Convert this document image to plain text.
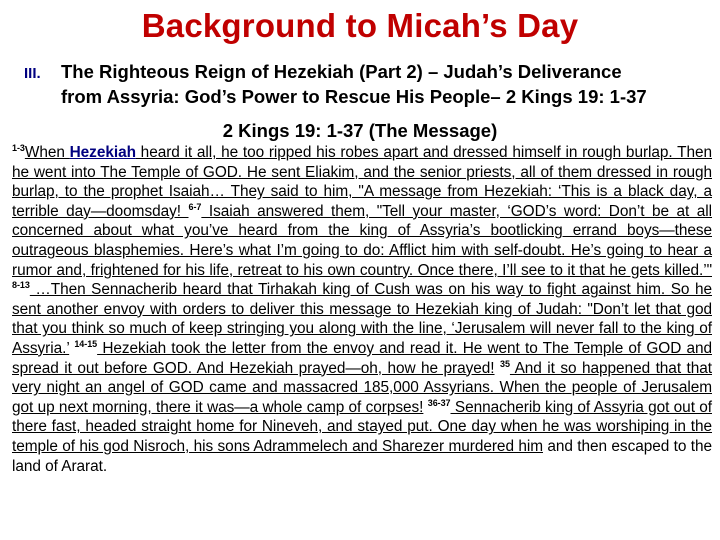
Background to Micah’s Day
III. The Righteous Reign of Hezekiah (Part 2) – Judah’s Deliverance
from Assyria: God’s Power to Rescue His People– 2 Kings 19: 1-37
2 Kings 19: 1-37 (The Message)
$^{1-3}$When Hezekiah heard it all, he too ripped his robes apart and dressed himself in rough burlap. Then he went into The Temple of GOD. He sent Eliakim, and the senior priests, all of them dressed in rough burlap, to the prophet Isaiah… They said to him, "A message from Hezekiah: ‘This is a black day, a terrible day—doomsday! $^{6-7}$ Isaiah answered them, "Tell your master, ‘GOD’s word: Don’t be at all concerned about what you’ve heard from the king of Assyria’s bootlicking errand boys—these outrageous blasphemies. Here’s what I’m going to do: Afflict him with self-doubt. He’s going to hear a rumor and, frightened for his life, retreat to his own country. Once there, I’ll see to it that he gets killed.’" $^{8-13}$ …Then Sennacherib heard that Tirhakah king of Cush was on his way to fight against him. So he sent another envoy with orders to deliver this message to Hezekiah king of Judah: "Don’t let that god that you think so much of keep stringing you along with the line, ‘Jerusalem will never fall to the king of Assyria.’ $^{14-15}$ Hezekiah took the letter from the envoy and read it. He went to The Temple of GOD and spread it out before GOD. And Hezekiah prayed—oh, how he prayed! $^{35}$ And it so happened that that very night an angel of GOD came and massacred 185,000 Assyrians. When the people of Jerusalem got up next morning, there it was—a whole camp of corpses! $^{36-37}$ Sennacherib king of Assyria got out of there fast, headed straight home for Nineveh, and stayed put. One day when he was worshiping in the temple of his god Nisroch, his sons Adrammelech and Sharezer murdered him and then escaped to the land of Ararat.
